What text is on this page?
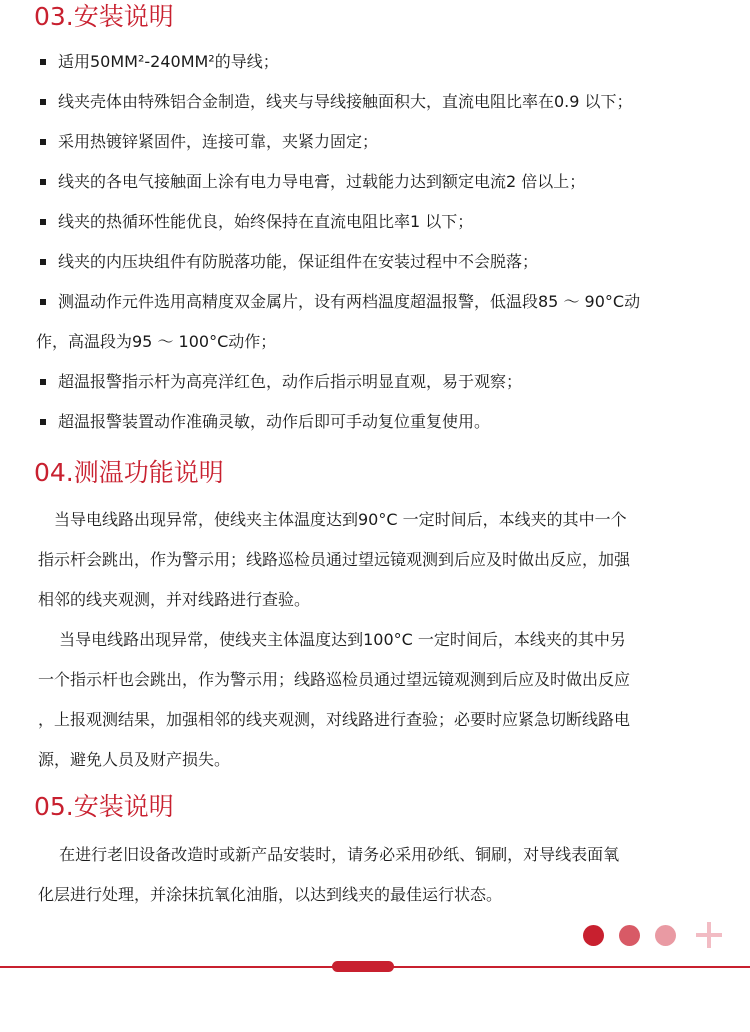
03.安装说明
适用50MM²-240MM²的导线；
线夹壳体由特殊铝合金制造，线夹与导线接触面积大，直流电阻比率在0.9 以下；
采用热镀锌紧固件，连接可靠，夹紧力固定；
线夹的各电气接触面上涂有电力导电膏，过载能力达到额定电流2 倍以上；
线夹的热循环性能优良，始终保持在直流电阻比率1 以下；
线夹的内压块组件有防脱落功能，保证组件在安装过程中不会脱落；
测温动作元件选用高精度双金属片，设有两档温度超温报警，低温段85 ～ 90°C动
作，高温段为95 ～ 100°C动作；
超温报警指示杆为高亮洋红色，动作后指示明显直观，易于观察；
超温报警装置动作准确灵敏，动作后即可手动复位重复使用。
04.测温功能说明

　当导电线路出现异常，使线夹主体温度达到90°C 一定时间后，本线夹的其中一个
指示杆会跳出，作为警示用；线路巡检员通过望远镜观测到后应及时做出反应，加强
相邻的线夹观测，并对线路进行查验。

　 当导电线路出现异常，使线夹主体温度达到100°C 一定时间后，本线夹的其中另
一个指示杆也会跳出，作为警示用；线路巡检员通过望远镜观测到后应及时做出反应
，上报观测结果，加强相邻的线夹观测，对线路进行查验；必要时应紧急切断线路电
源，避免人员及财产损失。

05.安装说明

　 在进行老旧设备改造时或新产品安装时，请务必采用砂纸、铜刷，对导线表面氧
化层进行处理，并涂抹抗氧化油脂，以达到线夹的最佳运行状态。
